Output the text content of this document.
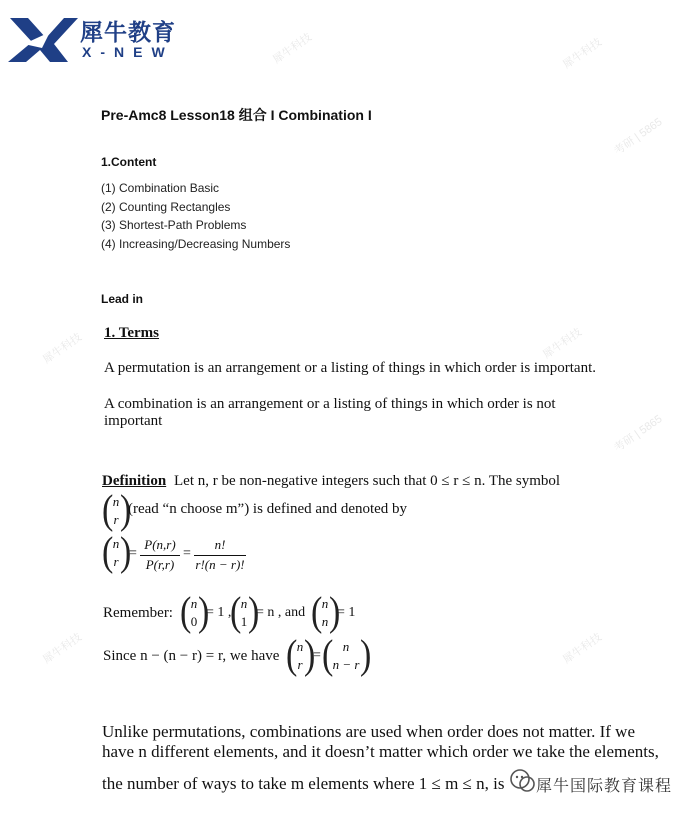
犀牛教育
X-NEW
Pre-Amc8 Lesson18 组合 I Combination I
1.Content
(1) Combination Basic
(2) Counting Rectangles
(3) Shortest-Path Problems
(4) Increasing/Decreasing Numbers
Lead in
1. Terms
A permutation is an arrangement or a listing of things in which order is important.
A combination is an arrangement or a listing of things in which order is not
important
Definition Let n, r be non-negative integers such that 0 ≤ r ≤ n. The symbol
( n
r )
(read “n choose m”) is defined and denoted by
( n
r )
=
P(n,r)
P(r,r)
=
n!
r!(n − r)!
Remember: ( n
0 )
= 1 ,
( n
1 )
= n , and ( n
n )
= 1
Since n − (n − r) = r, we have ( n
r )
= ( n
n − r )
Unlike permutations, combinations are used when order does not matter. If we
have n different elements, and it doesn’t matter which order we take the elements,
the number of ways to take m elements where 1 ≤ m ≤ n, is 犀牛国际教育课程
犀牛科技	犀牛科技
考研 | 5865
犀牛科技	犀牛科技
考研 | 5865
犀牛科技	犀牛科技
